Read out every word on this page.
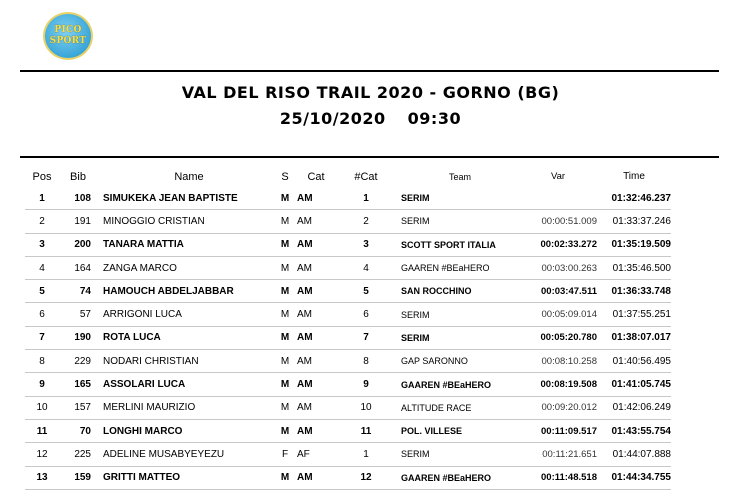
PICO
SPORT
VAL DEL RISO TRAIL 2020 - GORNO (BG)
25/10/2020 09:30
Pos	Bib	Name	S	Cat	#Cat	Team	Var	Time
1	108	SIMUKEKA JEAN BAPTISTE	M	AM	1	SERIM		01:32:46.237
2	191	MINOGGIO CRISTIAN	M	AM	2	SERIM	00:00:51.009	01:33:37.246
3	200	TANARA MATTIA	M	AM	3	SCOTT SPORT ITALIA	00:02:33.272	01:35:19.509
4	164	ZANGA MARCO	M	AM	4	GAAREN #BEaHERO	00:03:00.263	01:35:46.500
5	74	HAMOUCH ABDELJABBAR	M	AM	5	SAN ROCCHINO	00:03:47.511	01:36:33.748
6	57	ARRIGONI LUCA	M	AM	6	SERIM	00:05:09.014	01:37:55.251
7	190	ROTA LUCA	M	AM	7	SERIM	00:05:20.780	01:38:07.017
8	229	NODARI CHRISTIAN	M	AM	8	GAP SARONNO	00:08:10.258	01:40:56.495
9	165	ASSOLARI LUCA	M	AM	9	GAAREN #BEaHERO	00:08:19.508	01:41:05.745
10	157	MERLINI MAURIZIO	M	AM	10	ALTITUDE RACE	00:09:20.012	01:42:06.249
11	70	LONGHI MARCO	M	AM	11	POL. VILLESE	00:11:09.517	01:43:55.754
12	225	ADELINE MUSABYEYEZU	F	AF	1	SERIM	00:11:21.651	01:44:07.888
13	159	GRITTI MATTEO	M	AM	12	GAAREN #BEaHERO	00:11:48.518	01:44:34.755
